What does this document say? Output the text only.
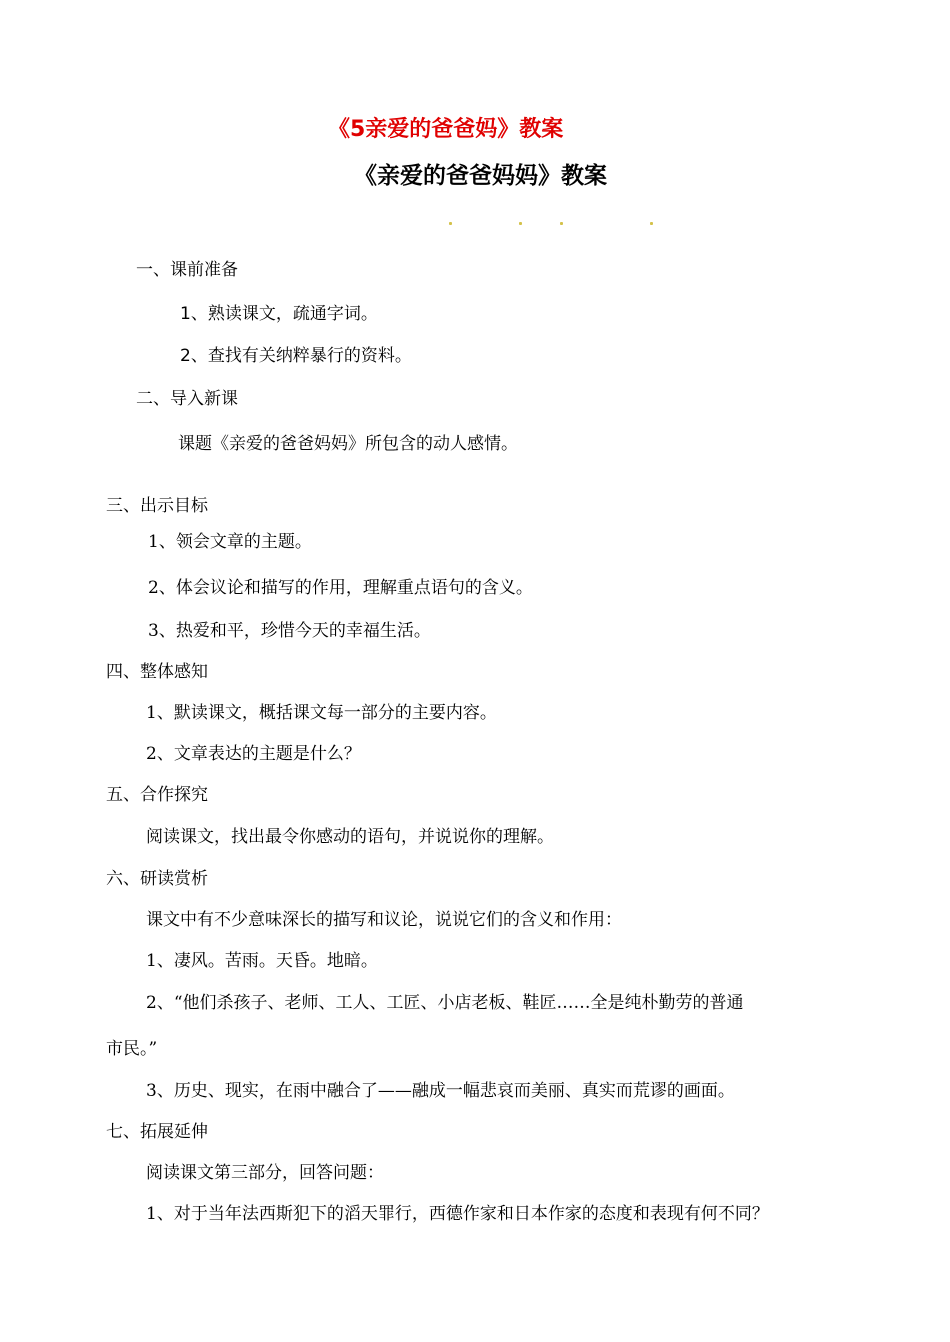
《5亲爱的爸爸妈》教案
《亲爱的爸爸妈妈》教案
一、课前准备
1、熟读课文，疏通字词。
2、查找有关纳粹暴行的资料。
二、导入新课
课题《亲爱的爸爸妈妈》所包含的动人感情。
三、出示目标
1、领会文章的主题。
2、体会议论和描写的作用，理解重点语句的含义。
3、热爱和平，珍惜今天的幸福生活。
四、整体感知
1、默读课文，概括课文每一部分的主要内容。
2、文章表达的主题是什么？
五、合作探究
阅读课文，找出最令你感动的语句，并说说你的理解。
六、研读赏析
课文中有不少意味深长的描写和议论，说说它们的含义和作用：
1、凄风。苦雨。天昏。地暗。
2、“他们杀孩子、老师、工人、工匠、小店老板、鞋匠……全是纯朴勤劳的普通
市民。”
3、历史、现实，在雨中融合了——融成一幅悲哀而美丽、真实而荒谬的画面。
七、拓展延伸
阅读课文第三部分，回答问题：
1、对于当年法西斯犯下的滔天罪行，西德作家和日本作家的态度和表现有何不同？
